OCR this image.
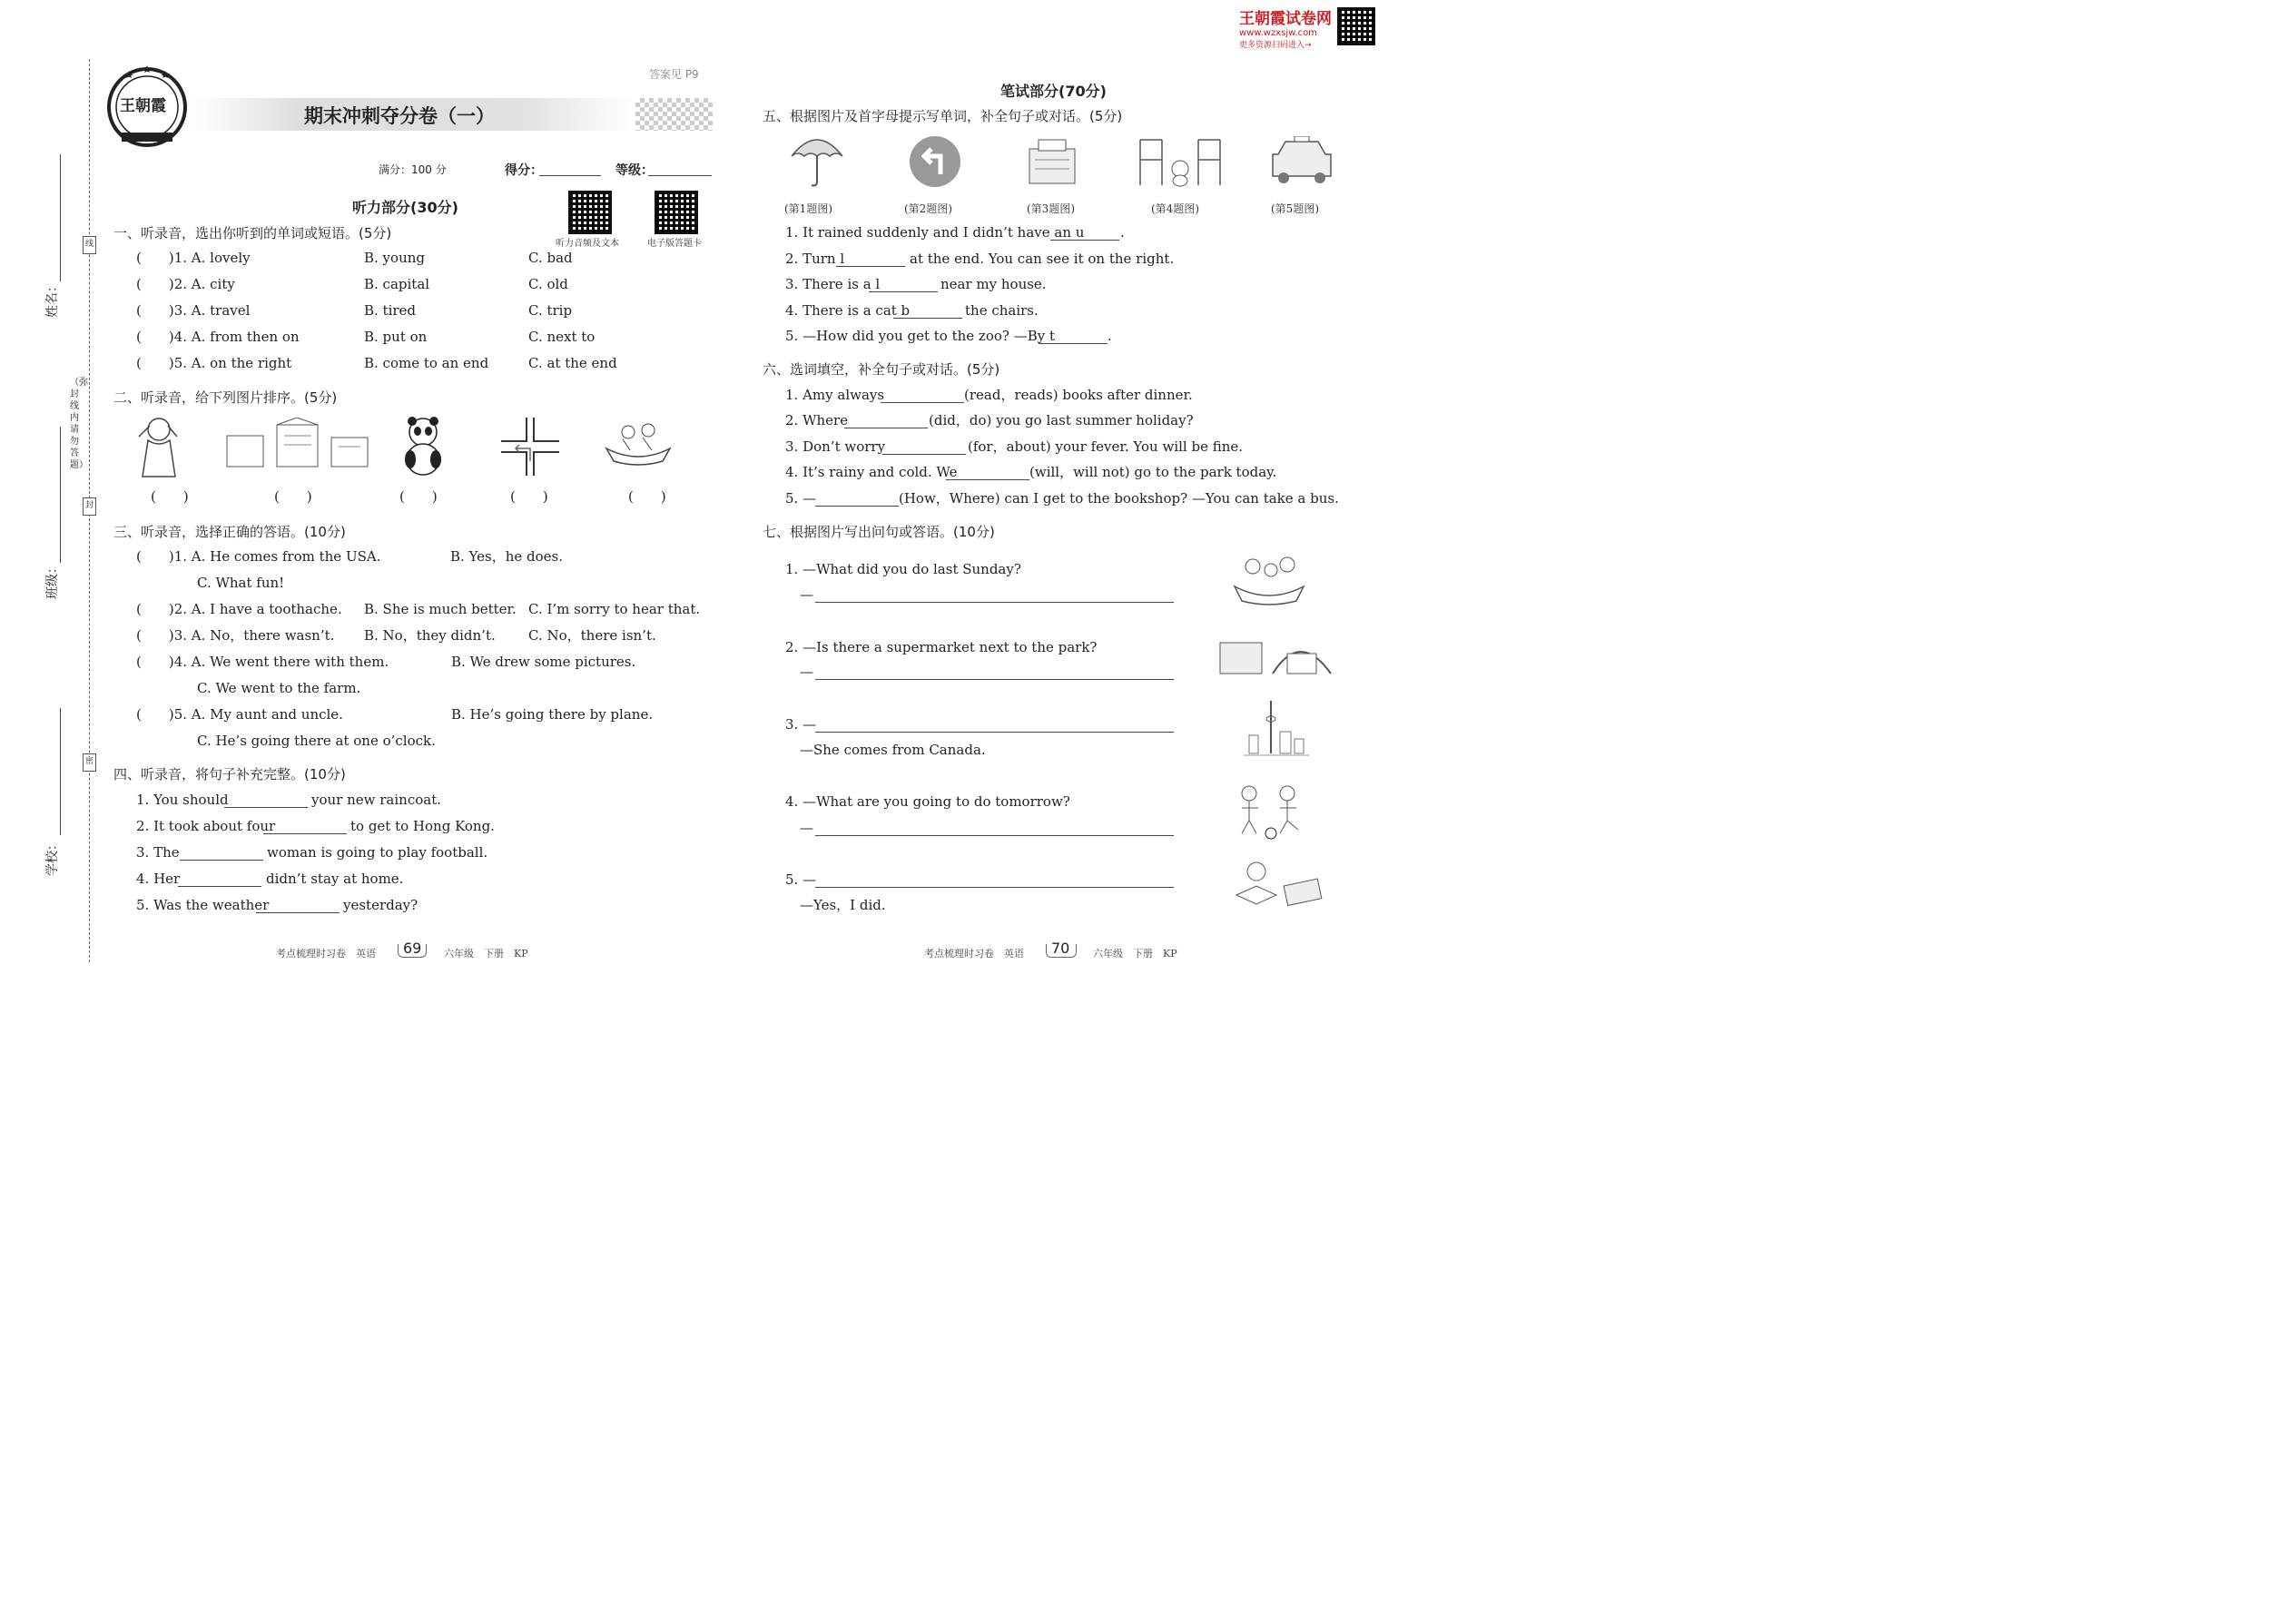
王朝霞试卷网
www.wzxsjw.com
更多资源扫码进入→
姓名：
班级：
学校：
（弥封线内请勿答题）
线
封
密
王朝霞
答案见 P9
期末冲刺夺分卷（一）
满分：100 分	得分：	等级：
听力部分(30分)
听力音频及文本	电子版答题卡
一、听录音，选出你听到的单词或短语。(5分)
(　　)1. A. lovely	B. young	C. bad
(　　)2. A. city	B. capital	C. old
(　　)3. A. travel	B. tired	C. trip
(　　)4. A. from then on	B. put on	C. next to
(　　)5. A. on the right	B. come to an end	C. at the end
二、听录音，给下列图片排序。(5分)
(　　)	(　　)	(　　)	(　　)	(　　)
三、听录音，选择正确的答语。(10分)
(　　)1. A. He comes from the USA.	B. Yes，he does.
C. What fun!
(　　)2. A. I have a toothache. B. She is much better. C. I’m sorry to hear that.
(　　)3. A. No，there wasn’t. B. No，they didn’t. C. No，there isn’t.
(　　)4. A. We went there with them.	B. We drew some pictures.
C. We went to the farm.
(　　)5. A. My aunt and uncle.	B. He’s going there by plane.
C. He’s going there at one o’clock.
四、听录音，将句子补充完整。(10分)
1. You should	your new raincoat.
2. It took about four	to get to Hong Kong.
3. The	woman is going to play football.
4. Her	didn’t stay at home.
5. Was the weather	yesterday?
考点梳理时习卷　英语 69 六年级　下册　KP
笔试部分(70分)
五、根据图片及首字母提示写单词，补全句子或对话。(5分)
(第1题图)	(第2题图)	(第3题图)	(第4题图)	(第5题图)
1. It rained suddenly and I didn’t have an u	.
2. Turn l	at the end. You can see it on the right.
3. There is a l	near my house.
4. There is a cat b	the chairs.
5. —How did you get to the zoo? —By t	.
六、选词填空，补全句子或对话。(5分)
1. Amy always	(read，reads) books after dinner.
2. Where	(did，do) you go last summer holiday?
3. Don’t worry	(for，about) your fever. You will be fine.
4. It’s rainy and cold. We	(will，will not) go to the park today.
5. —	(How，Where) can I get to the bookshop? —You can take a bus.
七、根据图片写出问句或答语。(10分)
1. —What did you do last Sunday?
—
2. —Is there a supermarket next to the park?
—
3. —
—She comes from Canada.
4. —What are you going to do tomorrow?
—
5. —
—Yes，I did.
考点梳理时习卷　英语 70 六年级　下册　KP
